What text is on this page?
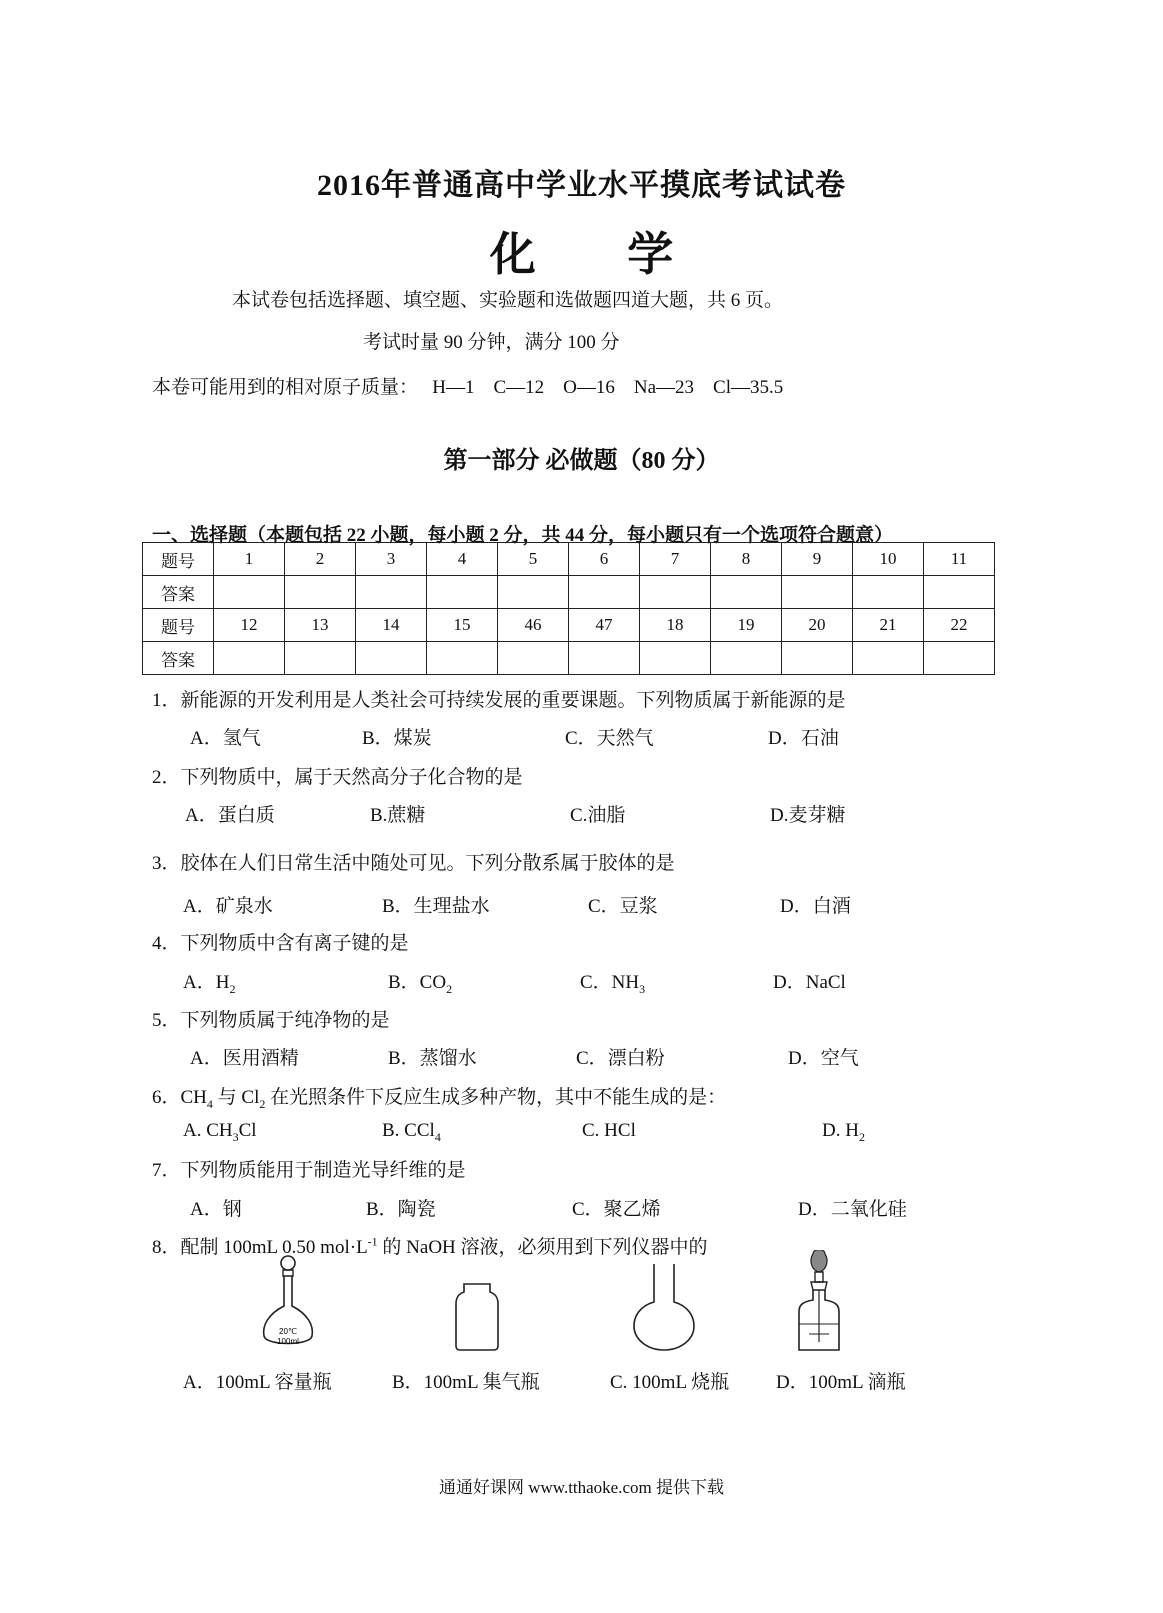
2016年普通高中学业水平摸底考试试卷
化 学
本试卷包括选择题、填空题、实验题和选做题四道大题，共 6 页。
考试时量 90 分钟，满分 100 分
本卷可能用到的相对原子质量：   H—1    C—12    O—16    Na—23    Cl—35.5
第一部分 必做题（80 分）
一、选择题（本题包括 22 小题，每小题 2 分，共 44 分，每小题只有一个选项符合题意）
题号	1	2	3	4	5	6	7	8	9	10	11
答案											
题号	12	13	14	15	46	47	18	19	20	21	22
答案											
1．新能源的开发利用是人类社会可持续发展的重要课题。下列物质属于新能源的是
A．氢气	B．煤炭	C．天然气	D．石油
2．下列物质中，属于天然高分子化合物的是
A．蛋白质	B.蔗糖	C.油脂	D.麦芽糖
3．胶体在人们日常生活中随处可见。下列分散系属于胶体的是
A．矿泉水	B．生理盐水	C．豆浆	D．白酒
4．下列物质中含有离子键的是
A．$H_2$	B．$CO_2$	C．$NH_3$	D．NaCl
5．下列物质属于纯净物的是
A．医用酒精	B．蒸馏水	C．漂白粉	D．空气
6．$CH_4$ 与 $Cl_2$ 在光照条件下反应生成多种产物，其中不能生成的是：
A. $CH_3Cl$	B. CCl$_4$	C. HCl	D. $H_2$
7．下列物质能用于制造光导纤维的是
A．钢	B．陶瓷	C．聚乙烯	D．二氧化硅
8．配制 100mL 0.50 $mol\cdot L^{-1}$ 的 NaOH 溶液，必须用到下列仪器中的
20℃
100ml
A．100mL 容量瓶	B．100mL 集气瓶	C. 100mL 烧瓶 D．100mL 滴瓶
通通好课网 www.tthaoke.com 提供下载
